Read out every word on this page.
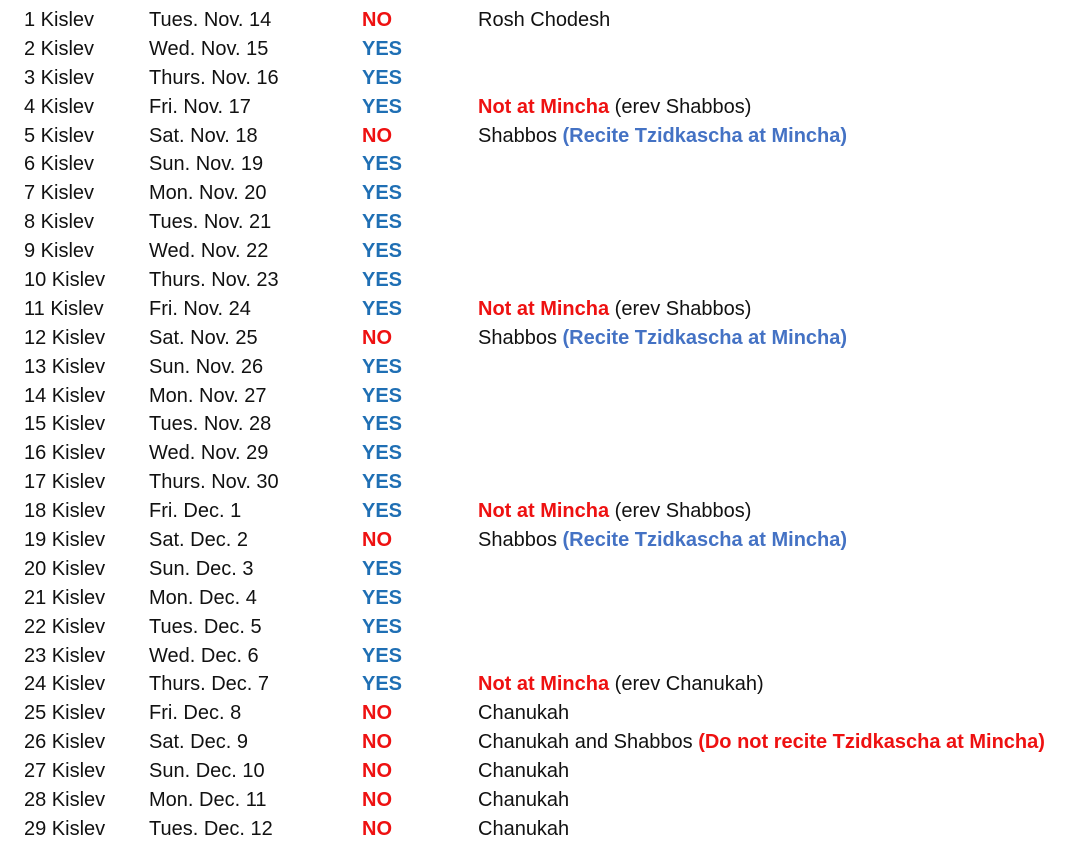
1 Kislev	Tues. Nov. 14	NO	Rosh Chodesh
2 Kislev	Wed. Nov. 15	YES
3 Kislev	Thurs. Nov. 16	YES
4 Kislev	Fri. Nov. 17	YES	Not at Mincha (erev Shabbos)
5 Kislev	Sat. Nov. 18	NO	Shabbos (Recite Tzidkascha at Mincha)
6 Kislev	Sun. Nov. 19	YES
7 Kislev	Mon. Nov. 20	YES
8 Kislev	Tues. Nov. 21	YES
9 Kislev	Wed. Nov. 22	YES
10 Kislev Thurs. Nov. 23	YES
11 Kislev Fri. Nov. 24	YES	Not at Mincha (erev Shabbos)
12 Kislev Sat. Nov. 25	NO	Shabbos (Recite Tzidkascha at Mincha)
13 Kislev Sun. Nov. 26	YES
14 Kislev Mon. Nov. 27	YES
15 Kislev Tues. Nov. 28	YES
16 Kislev Wed. Nov. 29	YES
17 Kislev Thurs. Nov. 30	YES
18 Kislev Fri. Dec. 1	YES	Not at Mincha (erev Shabbos)
19 Kislev Sat. Dec. 2	NO	Shabbos (Recite Tzidkascha at Mincha)
20 Kislev Sun. Dec. 3	YES
21 Kislev Mon. Dec. 4	YES
22 Kislev Tues. Dec. 5	YES
23 Kislev Wed. Dec. 6	YES
24 Kislev Thurs. Dec. 7	YES	Not at Mincha (erev Chanukah)
25 Kislev Fri. Dec. 8	NO	Chanukah
26 Kislev Sat. Dec. 9	NO	Chanukah and Shabbos (Do not recite Tzidkascha at Mincha)
27 Kislev Sun. Dec. 10	NO	Chanukah
28 Kislev Mon. Dec. 11	NO	Chanukah
29 Kislev Tues. Dec. 12	NO	Chanukah
